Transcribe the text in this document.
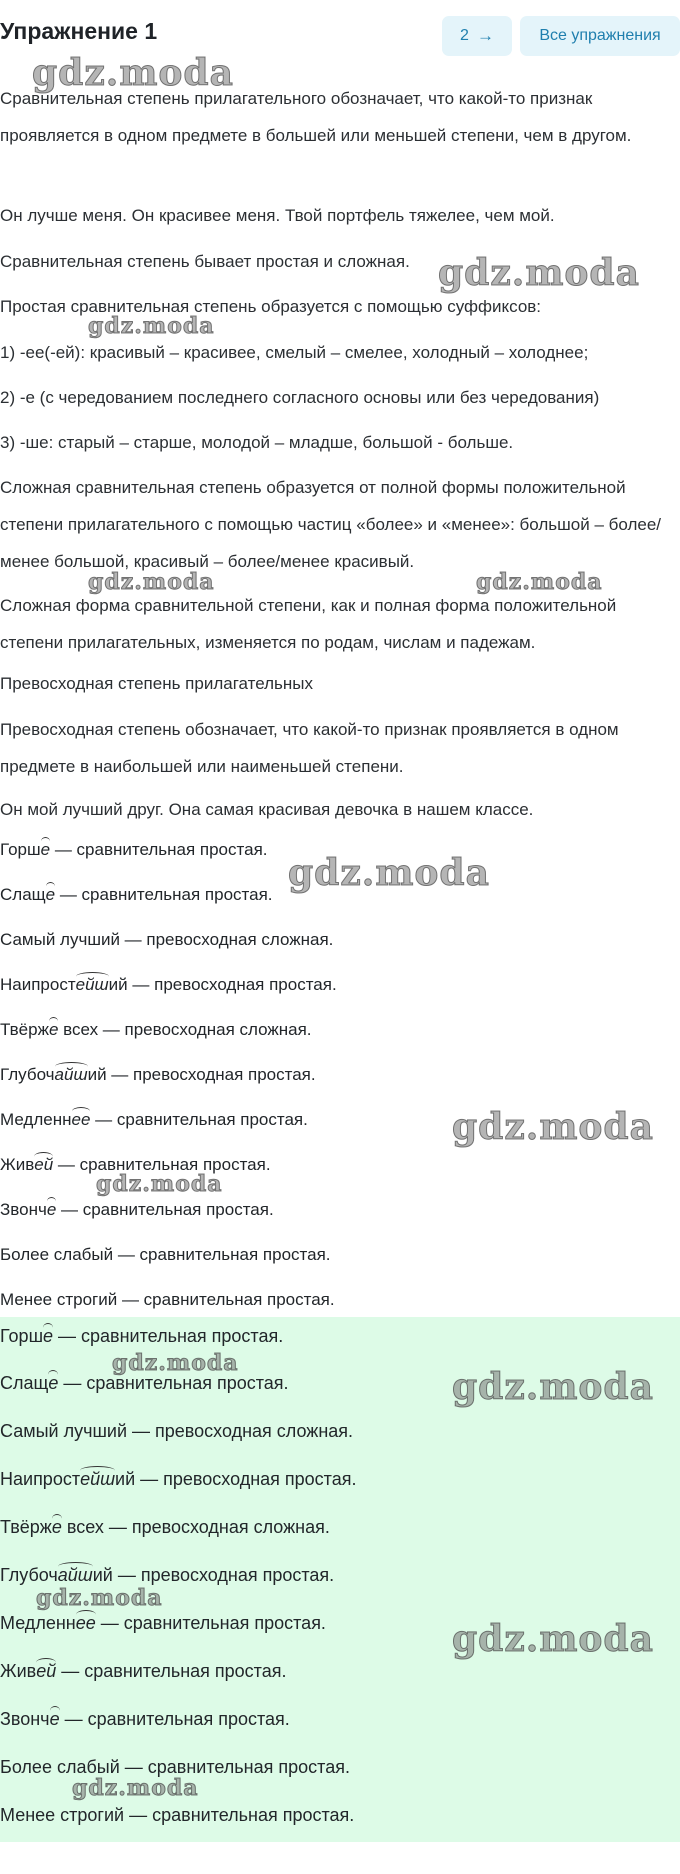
Упражнение 1	2 →	Все упражнения

Сравнительная степень прилагательного обозначает, что какой-то признак проявляется в одном предмете в большей или меньшей степени, чем в другом.

Он лучше меня. Он красивее меня. Твой портфель тяжелее, чем мой.

Сравнительная степень бывает простая и сложная.

Простая сравнительная степень образуется с помощью суффиксов:

1) -ее(-ей): красивый – красивее, смелый – смелее, холодный – холоднее;

2) -е (с чередованием последнего согласного основы или без чередования)

3) -ше: старый – старше, молодой – младше, большой - больше.

Сложная сравнительная степень образуется от полной формы положительной степени прилагательного с помощью частиц «более» и «менее»: большой – более/менее большой, красивый – более/менее красивый.

Сложная форма сравнительной степени, как и полная форма положительной степени прилагательных, изменяется по родам, числам и падежам.

Превосходная степень прилагательных

Превосходная степень обозначает, что какой-то признак проявляется в одном предмете в наибольшей или наименьшей степени.

Он мой лучший друг. Она самая красивая девочка в нашем классе.

Горше — сравнительная простая.
Слаще — сравнительная простая.
Самый лучший — превосходная сложная.
Наипростейший — превосходная простая.
Твёрже всех — превосходная сложная.
Глубочайший — превосходная простая.
Медленнее — сравнительная простая.
Живей — сравнительная простая.
Звонче — сравнительная простая.
Более слабый — сравнительная простая.
Менее строгий — сравнительная простая.
Горше — сравнительная простая.
Слаще — сравнительная простая.
Самый лучший — превосходная сложная.
Наипростейший — превосходная простая.
Твёрже всех — превосходная сложная.
Глубочайший — превосходная простая.
Медленнее — сравнительная простая.
Живей — сравнительная простая.
Звонче — сравнительная простая.
Более слабый — сравнительная простая.
Менее строгий — сравнительная простая.
gdz.moda
gdz.moda
gdz.moda
gdz.moda	gdz.moda
gdz.moda
gdz.moda
gdz.moda
gdz.moda
gdz.moda
gdz.moda
gdz.moda
gdz.moda
